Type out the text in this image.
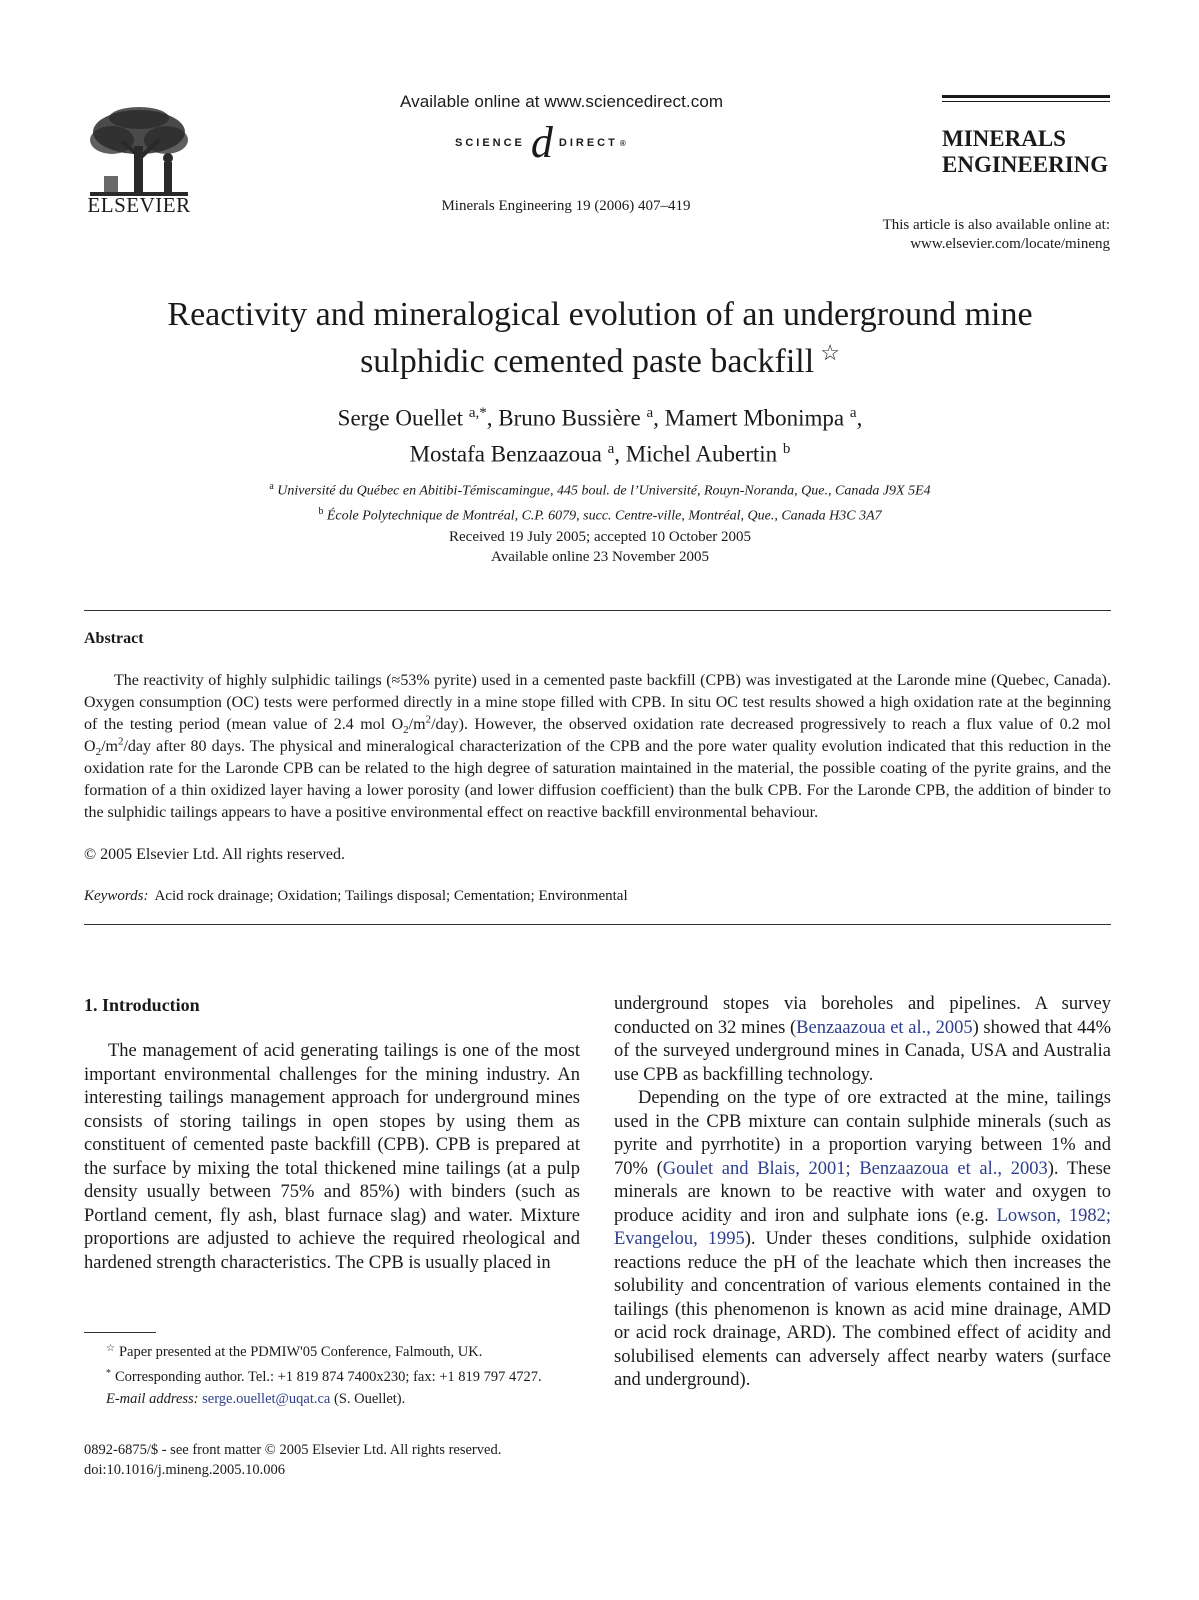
ELSEVIER
Available online at www.sciencedirect.com
SCIENCE d DIRECT ®
Minerals Engineering 19 (2006) 407–419
MINERALS
ENGINEERING
This article is also available online at:
www.elsevier.com/locate/mineng
Reactivity and mineralogical evolution of an underground mine
sulphidic cemented paste backfill ☆
Serge Ouellet $^{a,*}$, Bruno Bussière $^a$, Mamert Mbonimpa $^a$,
Mostafa Benzaazoua $^a$, Michel Aubertin $^b$
$^a$ Université du Québec en Abitibi-Témiscamingue, 445 boul. de l’Université, Rouyn-Noranda, Que., Canada J9X 5E4
$^b$ École Polytechnique de Montréal, C.P. 6079, succ. Centre-ville, Montréal, Que., Canada H3C 3A7
Received 19 July 2005; accepted 10 October 2005
Available online 23 November 2005
Abstract
The reactivity of highly sulphidic tailings (≈53% pyrite) used in a cemented paste backfill (CPB) was investigated at the Laronde mine (Quebec, Canada). Oxygen consumption (OC) tests were performed directly in a mine stope filled with CPB. In situ OC test results showed a high oxidation rate at the beginning of the testing period (mean value of 2.4 mol $O_2/m^2/day$). However, the observed oxidation rate decreased progressively to reach a flux value of 0.2 mol $O_2/m^2$/day after 80 days. The physical and mineralogical characterization of the CPB and the pore water quality evolution indicated that this reduction in the oxidation rate for the Laronde CPB can be related to the high degree of saturation maintained in the material, the possible coating of the pyrite grains, and the formation of a thin oxidized layer having a lower porosity (and lower diffusion coefficient) than the bulk CPB. For the Laronde CPB, the addition of binder to the sulphidic tailings appears to have a positive environmental effect on reactive backfill environmental behaviour.
© 2005 Elsevier Ltd. All rights reserved.
Keywords: Acid rock drainage; Oxidation; Tailings disposal; Cementation; Environmental
1. Introduction

The management of acid generating tailings is one of the most important environmental challenges for the mining industry. An interesting tailings management approach for underground mines consists of storing tailings in open stopes by using them as constituent of cemented paste backfill (CPB). CPB is prepared at the surface by mixing the total thickened mine tailings (at a pulp density usually between 75% and 85%) with binders (such as Portland cement, fly ash, blast furnace slag) and water. Mixture proportions are adjusted to achieve the required rheological and hardened strength characteristics. The CPB is usually placed in

underground stopes via boreholes and pipelines. A survey conducted on 32 mines (Benzaazoua et al., 2005) showed that 44% of the surveyed underground mines in Canada, USA and Australia use CPB as backfilling technology.

Depending on the type of ore extracted at the mine, tailings used in the CPB mixture can contain sulphide minerals (such as pyrite and pyrrhotite) in a proportion varying between 1% and 70% (Goulet and Blais, 2001; Benzaazoua et al., 2003). These minerals are known to be reactive with water and oxygen to produce acidity and iron and sulphate ions (e.g. Lowson, 1982; Evangelou, 1995). Under theses conditions, sulphide oxidation reactions reduce the pH of the leachate which then increases the solubility and concentration of various elements contained in the tailings (this phenomenon is known as acid mine drainage, AMD or acid rock drainage, ARD). The combined effect of acidity and solubilised elements can adversely affect nearby waters (surface and underground).

☆ Paper presented at the PDMIW'05 Conference, Falmouth, UK.

* Corresponding author. Tel.: +1 819 874 7400x230; fax: +1 819 797 4727.

E-mail address: serge.ouellet@uqat.ca (S. Ouellet).

0892-6875/$ - see front matter © 2005 Elsevier Ltd. All rights reserved.
doi:10.1016/j.mineng.2005.10.006
